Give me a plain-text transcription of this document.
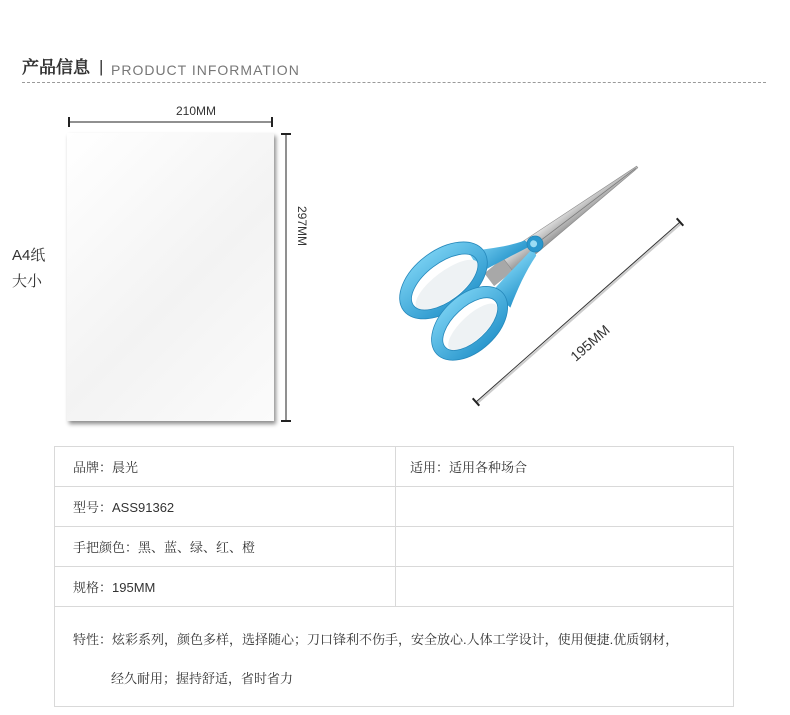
产品信息 | PRODUCT INFORMATION
A4纸
大小
210MM
297MM
195MM
品牌：晨光	适用：适用各种场合
型号：ASS91362
手把颜色：黑、蓝、绿、红、橙
规格：195MM
特性：炫彩系列，颜色多样，选择随心；刀口锋利不伤手，安全放心.人体工学设计，使用便捷.优质钢材，
经久耐用；握持舒适，省时省力
